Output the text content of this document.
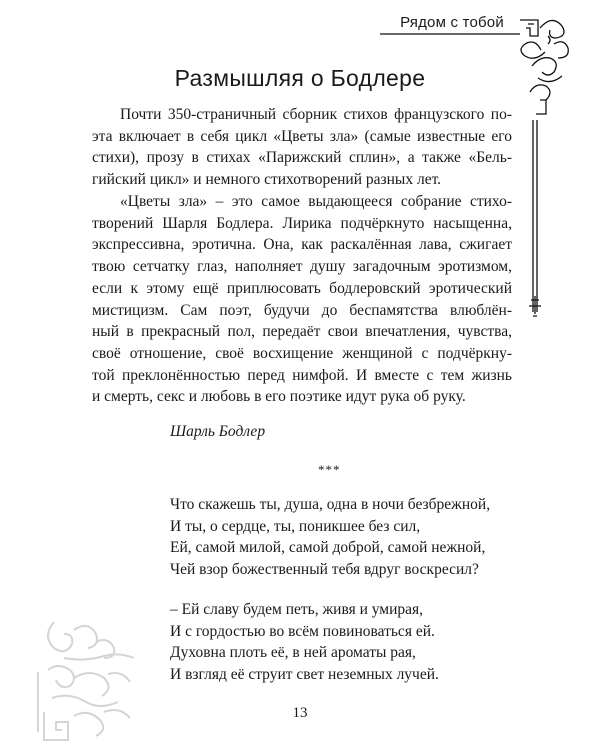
Рядом с тобой
Размышляя о Бодлере

Почти 350-страничный сборник стихов французского по-
эта включает в себя цикл «Цветы зла» (самые известные его
стихи), прозу в стихах «Парижский сплин», а также «Бель-
гийский цикл» и немного стихотворений разных лет.

«Цветы зла» – это самое выдающееся собрание стихо-
творений Шарля Бодлера. Лирика подчёркнуто насыщенна,
экспрессивна, эротична. Она, как раскалённая лава, сжигает
твою сетчатку глаз, наполняет душу загадочным эротизмом,
если к этому ещё приплюсовать бодлеровский эротический
мистицизм. Сам поэт, будучи до беспамятства влюблён-
ный в прекрасный пол, передаёт свои впечатления, чувства,
своё отношение, своё восхищение женщиной с подчёркну-
той преклонённостью перед нимфой. И вместе с тем жизнь
и смерть, секс и любовь в его поэтике идут рука об руку.

Шарль Бодлер
***

Что скажешь ты, душа, одна в ночи безбрежной,
И ты, о сердце, ты, поникшее без сил,
Ей, самой милой, самой доброй, самой нежной,
Чей взор божественный тебя вдруг воскресил?

– Ей славу будем петь, живя и умирая,
И с гордостью во всём повиноваться ей.
Духовна плоть её, в ней ароматы рая,
И взгляд её струит свет неземных лучей.

13
